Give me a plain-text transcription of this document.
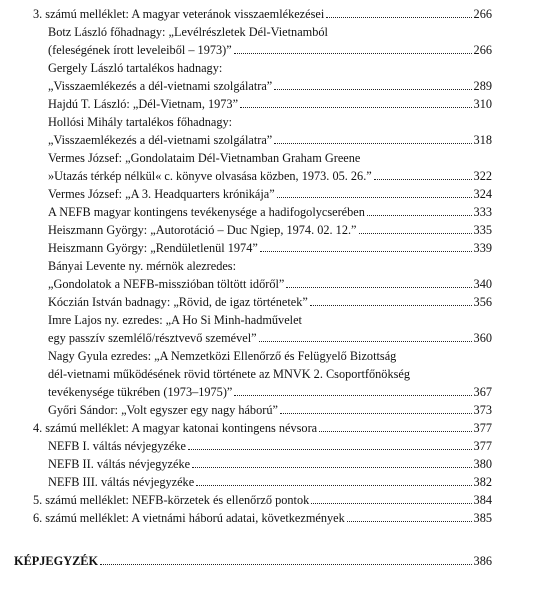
3. számú melléklet: A magyar veteránok visszaemlékezései	266
Botz László főhadnagy: „Levélrészletek Dél-Vietnamból
(feleségének írott leveleiből – 1973)”	266
Gergely László tartalékos hadnagy:
„Visszaemlékezés a dél-vietnami szolgálatra”	289
Hajdú T. László: „Dél-Vietnam, 1973”	310
Hollósi Mihály tartalékos főhadnagy:
„Visszaemlékezés a dél-vietnami szolgálatra”	318
Vermes József: „Gondolataim Dél-Vietnamban Graham Greene
»Utazás térkép nélkül« c. könyve olvasása közben, 1973. 05. 26.”	322
Vermes József: „A 3. Headquarters krónikája”	324
A NEFB magyar kontingens tevékenysége a hadifogolycserében	333
Heiszmann György: „Autorotáció – Duc Ngiep, 1974. 02. 12.”	335
Heiszmann György: „Rendületlenül 1974”	339
Bányai Levente ny. mérnök alezredes:
„Gondolatok a NEFB-misszióban töltött időről”	340
Kóczián István badnagy: „Rövid, de igaz történetek”	356
Imre Lajos ny. ezredes: „A Ho Si Minh-hadművelet
egy passzív szemlélő/résztvevő szemével”	360
Nagy Gyula ezredes: „A Nemzetközi Ellenőrző és Felügyelő Bizottság
dél-vietnami működésének rövid története az MNVK 2. Csoportfőnökség
tevékenysége tükrében (1973–1975)”	367
Győri Sándor: „Volt egyszer egy nagy háború”	373
4. számú melléklet: A magyar katonai kontingens névsora	377
NEFB I. váltás névjegyzéke	377
NEFB II. váltás névjegyzéke	380
NEFB III. váltás névjegyzéke	382
5. számú melléklet: NEFB-körzetek és ellenőrző pontok	384
6. számú melléklet: A vietnámi háború adatai, következmények	385
KÉPJEGYZÉK	386
